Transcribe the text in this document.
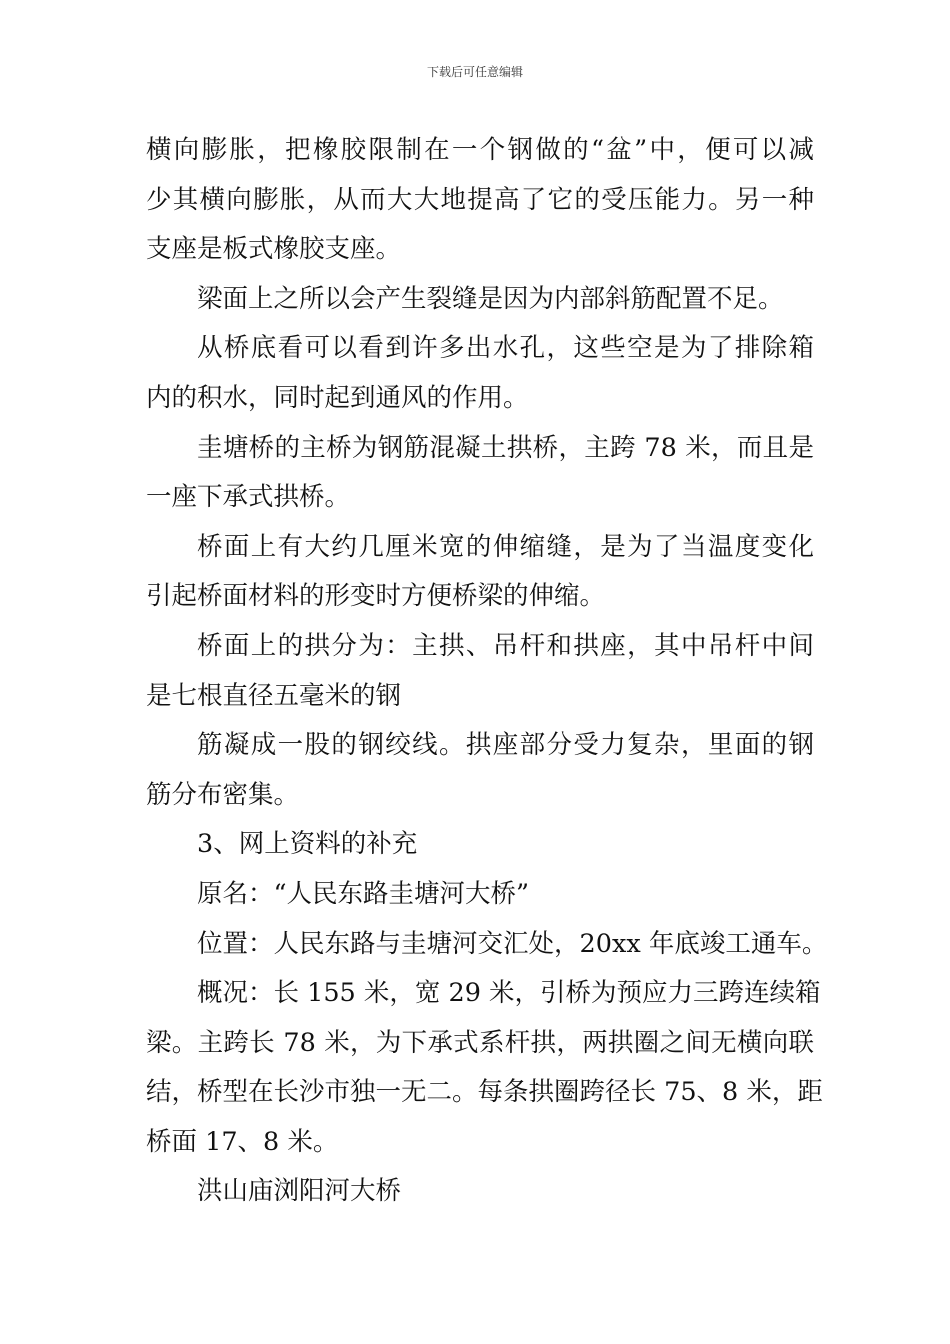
下载后可任意编辑
横向膨胀，把橡胶限制在一个钢做的“盆”中，便可以减
少其横向膨胀，从而大大地提高了它的受压能力。另一种
支座是板式橡胶支座。
梁面上之所以会产生裂缝是因为内部斜筋配置不足。
从桥底看可以看到许多出水孔，这些空是为了排除箱
内的积水，同时起到通风的作用。
圭塘桥的主桥为钢筋混凝土拱桥，主跨 78 米，而且是
一座下承式拱桥。
桥面上有大约几厘米宽的伸缩缝，是为了当温度变化
引起桥面材料的形变时方便桥梁的伸缩。
桥面上的拱分为：主拱、吊杆和拱座，其中吊杆中间
是七根直径五毫米的钢
筋凝成一股的钢绞线。拱座部分受力复杂，里面的钢
筋分布密集。
3、网上资料的补充
原名：“人民东路圭塘河大桥”
位置：人民东路与圭塘河交汇处，20xx 年底竣工通车。
概况：长 155 米，宽 29 米，引桥为预应力三跨连续箱
梁。主跨长 78 米，为下承式系杆拱，两拱圈之间无横向联
结，桥型在长沙市独一无二。每条拱圈跨径长 75、8 米，距
桥面 17、8 米。
洪山庙浏阳河大桥
